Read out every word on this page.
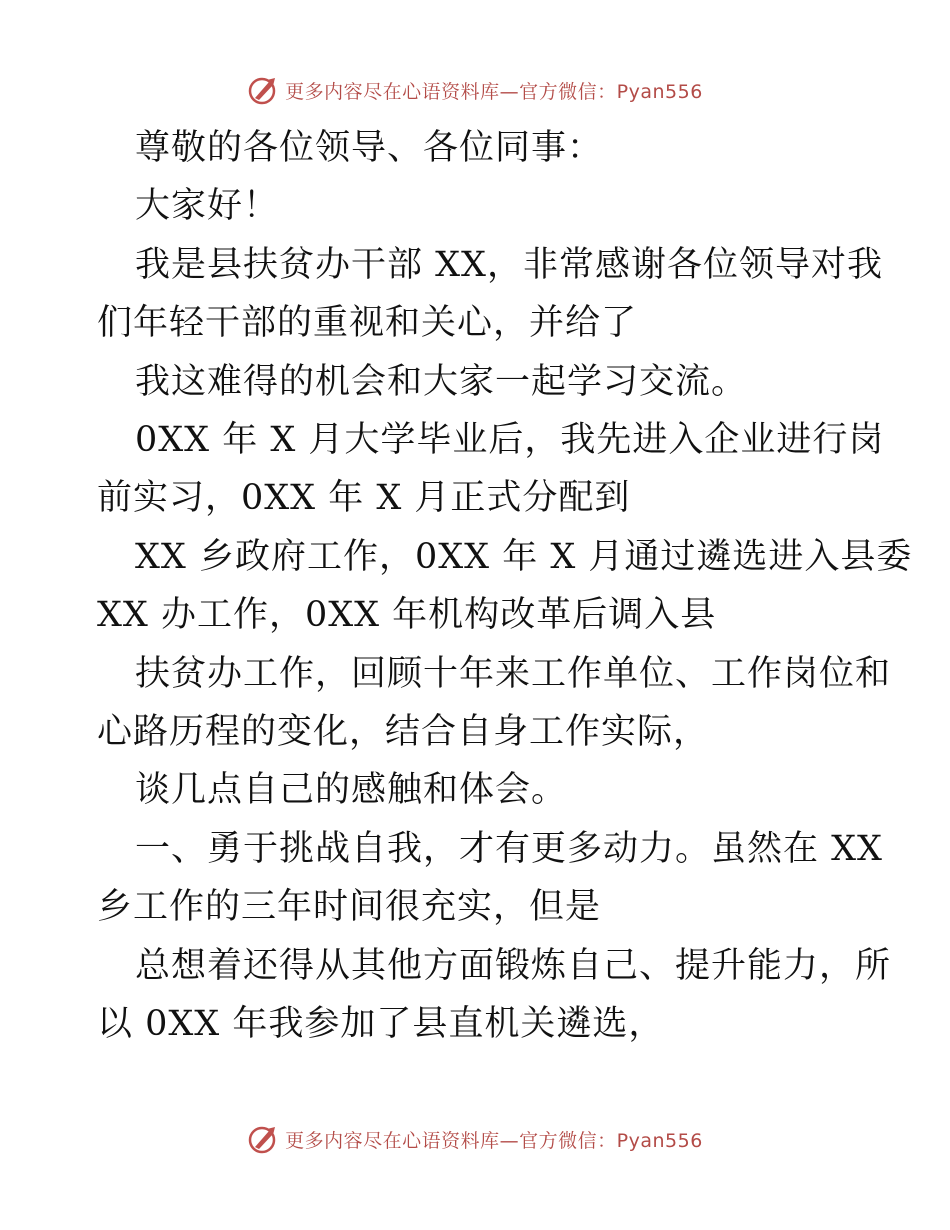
更多内容尽在心语资料库—官方微信：Pyan556
尊敬的各位领导、各位同事：
大家好！
我是县扶贫办干部 XX，非常感谢各位领导对我
们年轻干部的重视和关心，并给了
我这难得的机会和大家一起学习交流。
0XX 年 X 月大学毕业后，我先进入企业进行岗
前实习，0XX 年 X 月正式分配到
XX 乡政府工作，0XX 年 X 月通过遴选进入县委
XX 办工作，0XX 年机构改革后调入县
扶贫办工作，回顾十年来工作单位、工作岗位和
心路历程的变化，结合自身工作实际，
谈几点自己的感触和体会。
一、勇于挑战自我，才有更多动力。虽然在 XX
乡工作的三年时间很充实，但是
总想着还得从其他方面锻炼自己、提升能力，所
以 0XX 年我参加了县直机关遴选，
更多内容尽在心语资料库—官方微信：Pyan556
